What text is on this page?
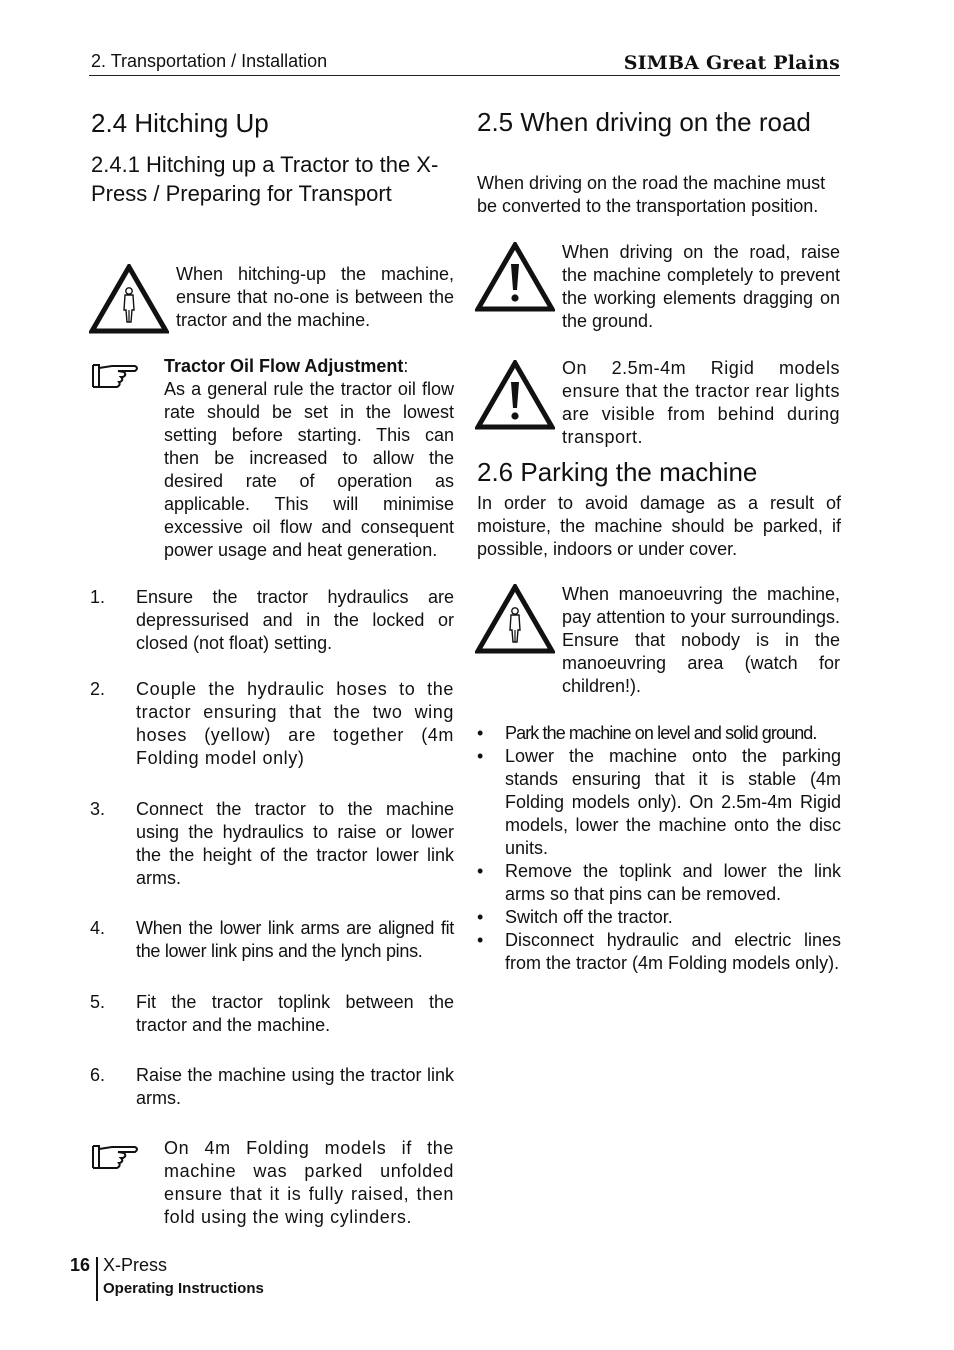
2. Transportation / Installation	SIMBA Great Plains
2.4 Hitching Up
2.4.1 Hitching up a Tractor to the X-Press / Preparing for Transport
When hitching-up the machine, ensure that no-one is between the tractor and the machine.

Tractor Oil Flow Adjustment:

As a general rule the tractor oil flow rate should be set in the lowest setting before starting. This can then be increased to allow the desired rate of operation as applicable. This will minimise excessive oil flow and consequent power usage and heat generation.

1. Ensure the tractor hydraulics are depressurised and in the locked or closed (not float) setting.
2. Couple the hydraulic hoses to the tractor ensuring that the two wing hoses (yellow) are together (4m Folding model only)
3. Connect the tractor to the machine using the hydraulics to raise or lower the the height of the tractor lower link arms.
4. When the lower link arms are aligned fit the lower link pins and the lynch pins.
5. Fit the tractor toplink between the tractor and the machine.
6. Raise the machine using the tractor link arms.
On 4m Folding models if the machine was parked unfolded ensure that it is fully raised, then fold using the wing cylinders.
2.5 When driving on the road
When driving on the road the machine must be converted to the transportation position.
When driving on the road, raise the machine completely to prevent the working elements dragging on the ground.
On 2.5m-4m Rigid models ensure that the tractor rear lights are visible from behind during transport.
2.6 Parking the machine
In order to avoid damage as a result of moisture, the machine should be parked, if possible, indoors or under cover.
When manoeuvring the machine, pay attention to your surroundings. Ensure that nobody is in the manoeuvring area (watch for children!).
• Park the machine on level and solid ground.
• Lower the machine onto the parking stands ensuring that it is stable (4m Folding models only). On 2.5m-4m Rigid models, lower the machine onto the disc units.
• Remove the toplink and lower the link arms so that pins can be removed.
• Switch off the tractor.
• Disconnect hydraulic and electric lines from the tractor (4m Folding models only).
16 X-Press
Operating Instructions
